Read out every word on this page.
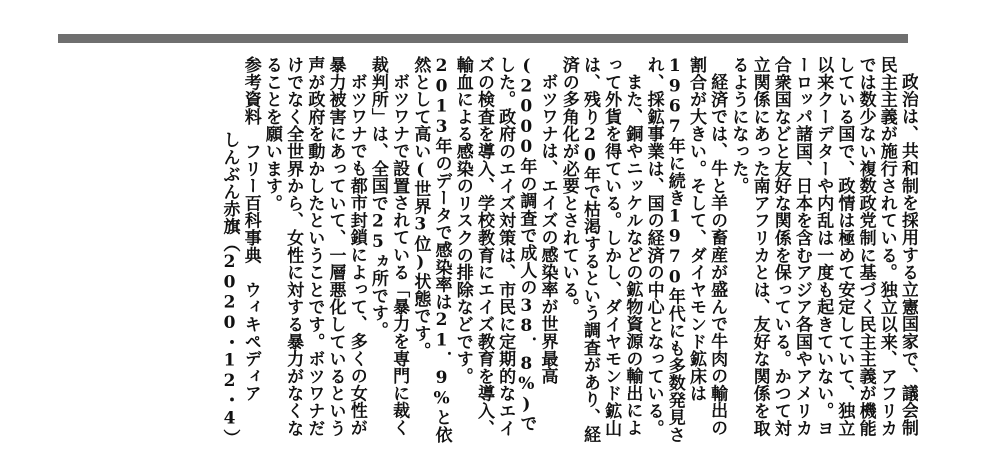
政治は、共和制を採用する立憲国家で、議会制民主主義が施行されている。独立以来、アフリカでは数少ない複数政党制に基づく民主主義が機能している国で、政情は極めて安定していて、独立以来クーデターや内乱は一度も起きていない。ヨーロッパ諸国、日本を含むアジア各国やアメリカ合衆国などと友好な関係を保っている。かつて対立関係にあった南アフリカとは、友好な関係を取るようになった。

経済では、牛と羊の畜産が盛んで牛肉の輸出の割合が大きい。そして、ダイヤモンド鉱床は1967年に続き1970年代にも多数発見され、採鉱事業は、国の経済の中心となっている。

また、銅やニッケルなどの鉱物資源の輸出によって外貨を得ている。しかし、ダイヤモンド鉱山は、残り20年で枯渇するという調査があり、経済の多角化が必要とされている。

ボツワナは、エイズの感染率が世界最高(2000年の調査で成人の38．8%)でした。政府のエイズ対策は、市民に定期的なエイズの検査を導入、学校教育にエイズ教育を導入、輸血による感染のリスクの排除などです。2013年のデータで感染率は21．9%と依然として高い(世界3位)状態です。

ボツワナで設置されている「暴力を専門に裁く裁判所」は、全国で25ヵ所です。

ボツワナでも都市封鎖によって、多くの女性が暴力被害にあっていて、一層悪化しているという声が政府を動かしたということです。ボツワナだけでなく全世界から、女性に対する暴力がなくなることを願います。

参考資料　フリー百科事典　ウィキペディア

しんぶん赤旗（2020・12・4）
